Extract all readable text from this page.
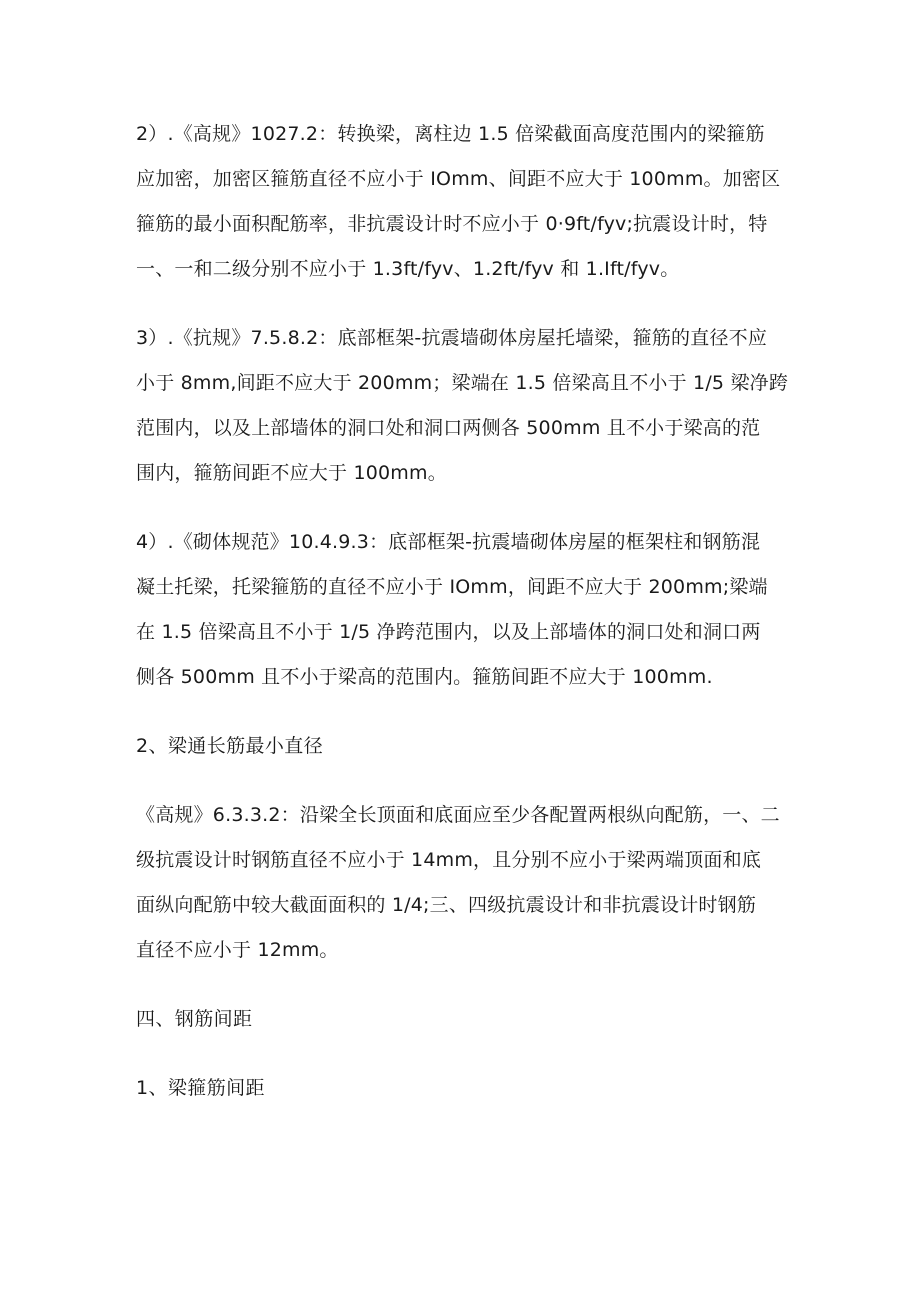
2）.《高规》1027.2：转换梁，离柱边 1.5 倍梁截面高度范围内的梁箍筋
应加密，加密区箍筋直径不应小于 IOmm、间距不应大于 100mm。加密区
箍筋的最小面积配筋率，非抗震设计时不应小于 0·9ft/fyv;抗震设计时，特
一、一和二级分别不应小于 1.3ft/fyv、1.2ft∕fyv 和 1.Ift/fyv。

3）.《抗规》7.5.8.2：底部框架-抗震墙砌体房屋托墙梁，箍筋的直径不应
小于 8mm,间距不应大于 200mm；梁端在 1.5 倍梁高且不小于 1/5 梁净跨
范围内，以及上部墙体的洞口处和洞口两侧各 500mm 且不小于梁高的范
围内，箍筋间距不应大于 100mm。

4）.《砌体规范》10.4.9.3：底部框架-抗震墙砌体房屋的框架柱和钢筋混
凝土托梁，托梁箍筋的直径不应小于 IOmm，间距不应大于 200mm;梁端
在 1.5 倍梁高且不小于 1/5 净跨范围内，以及上部墙体的洞口处和洞口两
侧各 500mm 且不小于梁高的范围内。箍筋间距不应大于 100mm.

2、梁通长筋最小直径

《高规》6.3.3.2：沿梁全长顶面和底面应至少各配置两根纵向配筋，一、二
级抗震设计时钢筋直径不应小于 14mm，且分别不应小于梁两端顶面和底
面纵向配筋中较大截面面积的 1/4;三、四级抗震设计和非抗震设计时钢筋
直径不应小于 12mm。

四、钢筋间距

1、梁箍筋间距
